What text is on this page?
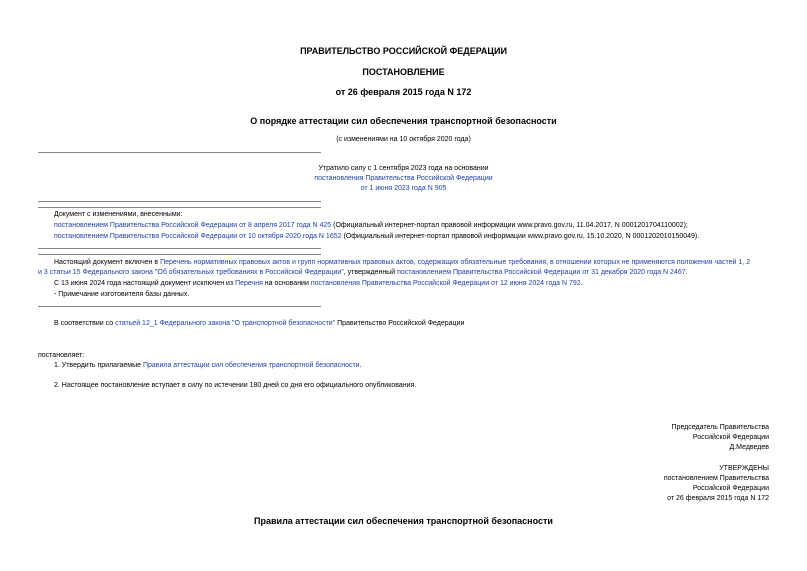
ПРАВИТЕЛЬСТВО РОССИЙСКОЙ ФЕДЕРАЦИИ
ПОСТАНОВЛЕНИЕ
от 26 февраля 2015 года N 172
О порядке аттестации сил обеспечения транспортной безопасности
(с изменениями на 10 октября 2020 года)
Утратило силу с 1 сентября 2023 года на основании
постановления Правительства Российской Федерации
от 1 июня 2023 года N 905
Документ с изменениями, внесенными:
постановлением Правительства Российской Федерации от 8 апреля 2017 года N 425 (Официальный интернет-портал правовой информации www.pravo.gov.ru, 11.04.2017, N 0001201704110002);
постановлением Правительства Российской Федерации от 10 октября 2020 года N 1652 (Официальный интернет-портал правовой информации www.pravo.gov.ru, 15.10.2020, N 0001202010150049).
Настоящий документ включен в Перечень нормативных правовых актов и групп нормативных правовых актов, содержащих обязательные требования, в отношении которых не применяются положения частей 1, 2
и 3 статьи 15 Федерального закона "Об обязательных требованиях в Российской Федерации", утвержденный постановлением Правительства Российской Федерации от 31 декабря 2020 года N 2467.
С 13 июня 2024 года настоящий документ исключен из Перечня на основании постановления Правительства Российской Федерации от 12 июня 2024 года N 792.
- Примечание изготовителя базы данных.
В соответствии со статьей 12_1 Федерального закона "О транспортной безопасности" Правительство Российской Федерации
постановляет:
1. Утвердить прилагаемые Правила аттестации сил обеспечения транспортной безопасности.
2. Настоящее постановление вступает в силу по истечении 180 дней со дня его официального опубликования.
Председатель Правительства
Российской Федерации
Д.Медведев
УТВЕРЖДЕНЫ
постановлением Правительства
Российской Федерации
от 26 февраля 2015 года N 172
Правила аттестации сил обеспечения транспортной безопасности
